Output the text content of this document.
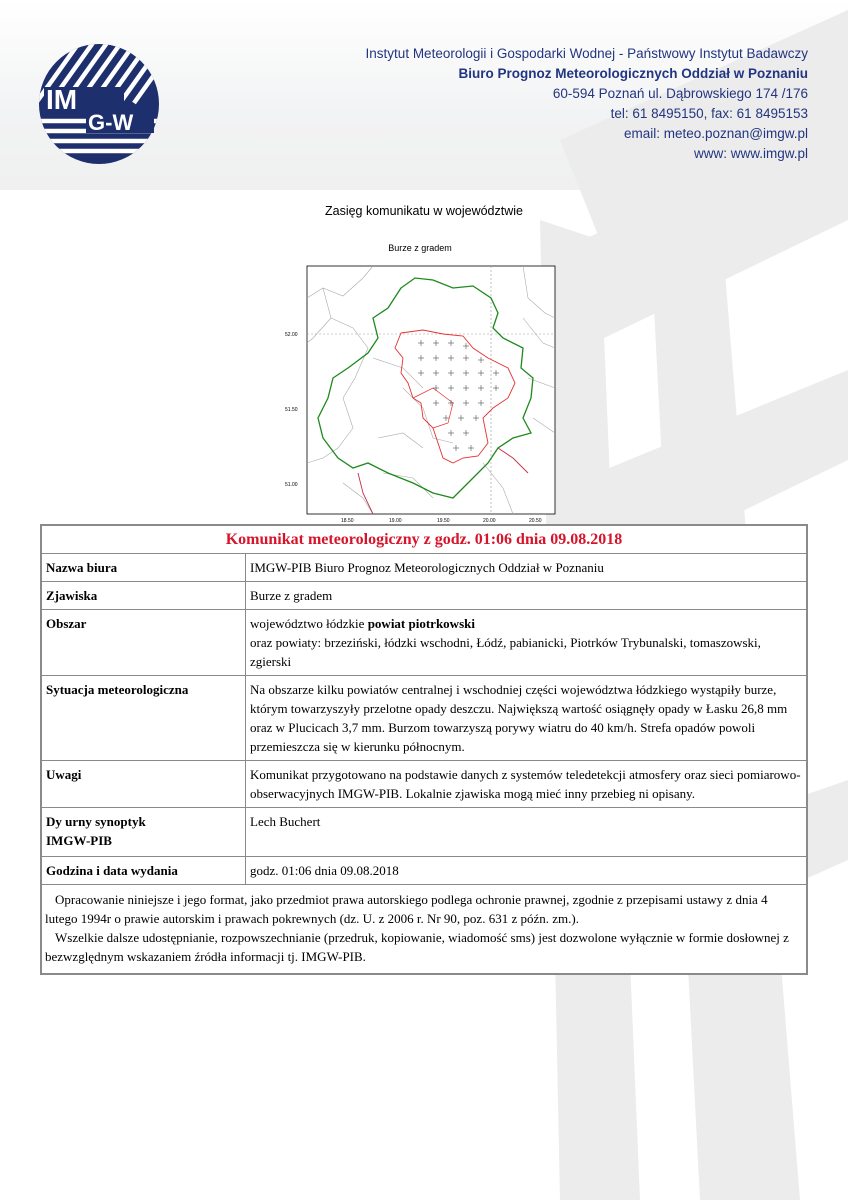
IM
G-W
Instytut Meteorologii i Gospodarki Wodnej - Państwowy Instytut Badawczy
Biuro Prognoz Meteorologicznych Oddział w Poznaniu
60-594 Poznań ul. Dąbrowskiego 174 /176
tel: 61 8495150, fax: 61 8495153
email: meteo.poznan@imgw.pl
www: www.imgw.pl
Zasięg komunikatu w województwie
Burze z gradem
52.00
51.50
51.00
18.50	19.00	19.50	20.00	20.50
Komunikat meteorologiczny z godz. 01:06 dnia 09.08.2018	
Nazwa biura	IMGW-PIB Biuro Prognoz Meteorologicznych Oddział w Poznaniu
Zjawiska	Burze z gradem
Obszar	województwo łódzkie powiat piotrkowski
oraz powiaty: brzeziński, łódzki wschodni, Łódź, pabianicki, Piotrków Trybunalski, tomaszowski, zgierski
Sytuacja meteorologiczna	Na obszarze kilku powiatów centralnej i wschodniej części województwa łódzkiego wystąpiły burze, którym towarzyszyły przelotne opady deszczu. Największą wartość osiągnęły opady w Łasku 26,8 mm oraz w Plucicach 3,7 mm. Burzom towarzyszą porywy wiatru do 40 km/h. Strefa opadów powoli przemieszcza się w kierunku północnym.
Uwagi	Komunikat przygotowano na podstawie danych z systemów teledetekcji atmosfery oraz sieci pomiarowo-obserwacyjnych IMGW-PIB. Lokalnie zjawiska mogą mieć inny przebieg ni opisany.
Dy urny synoptyk
IMGW-PIB	Lech Buchert
Godzina i data wydania	godz. 01:06 dnia 09.08.2018

Opracowanie niniejsze i jego format, jako przedmiot prawa autorskiego podlega ochronie prawnej, zgodnie z przepisami ustawy z dnia 4 lutego 1994r o prawie autorskim i prawach pokrewnych (dz. U. z 2006 r. Nr 90, poz. 631 z późn. zm.).

Wszelkie dalsze udostępnianie, rozpowszechnianie (przedruk, kopiowanie, wiadomość sms) jest dozwolone wyłącznie w formie dosłownej z bezwzględnym wskazaniem źródła informacji tj. IMGW-PIB.	
